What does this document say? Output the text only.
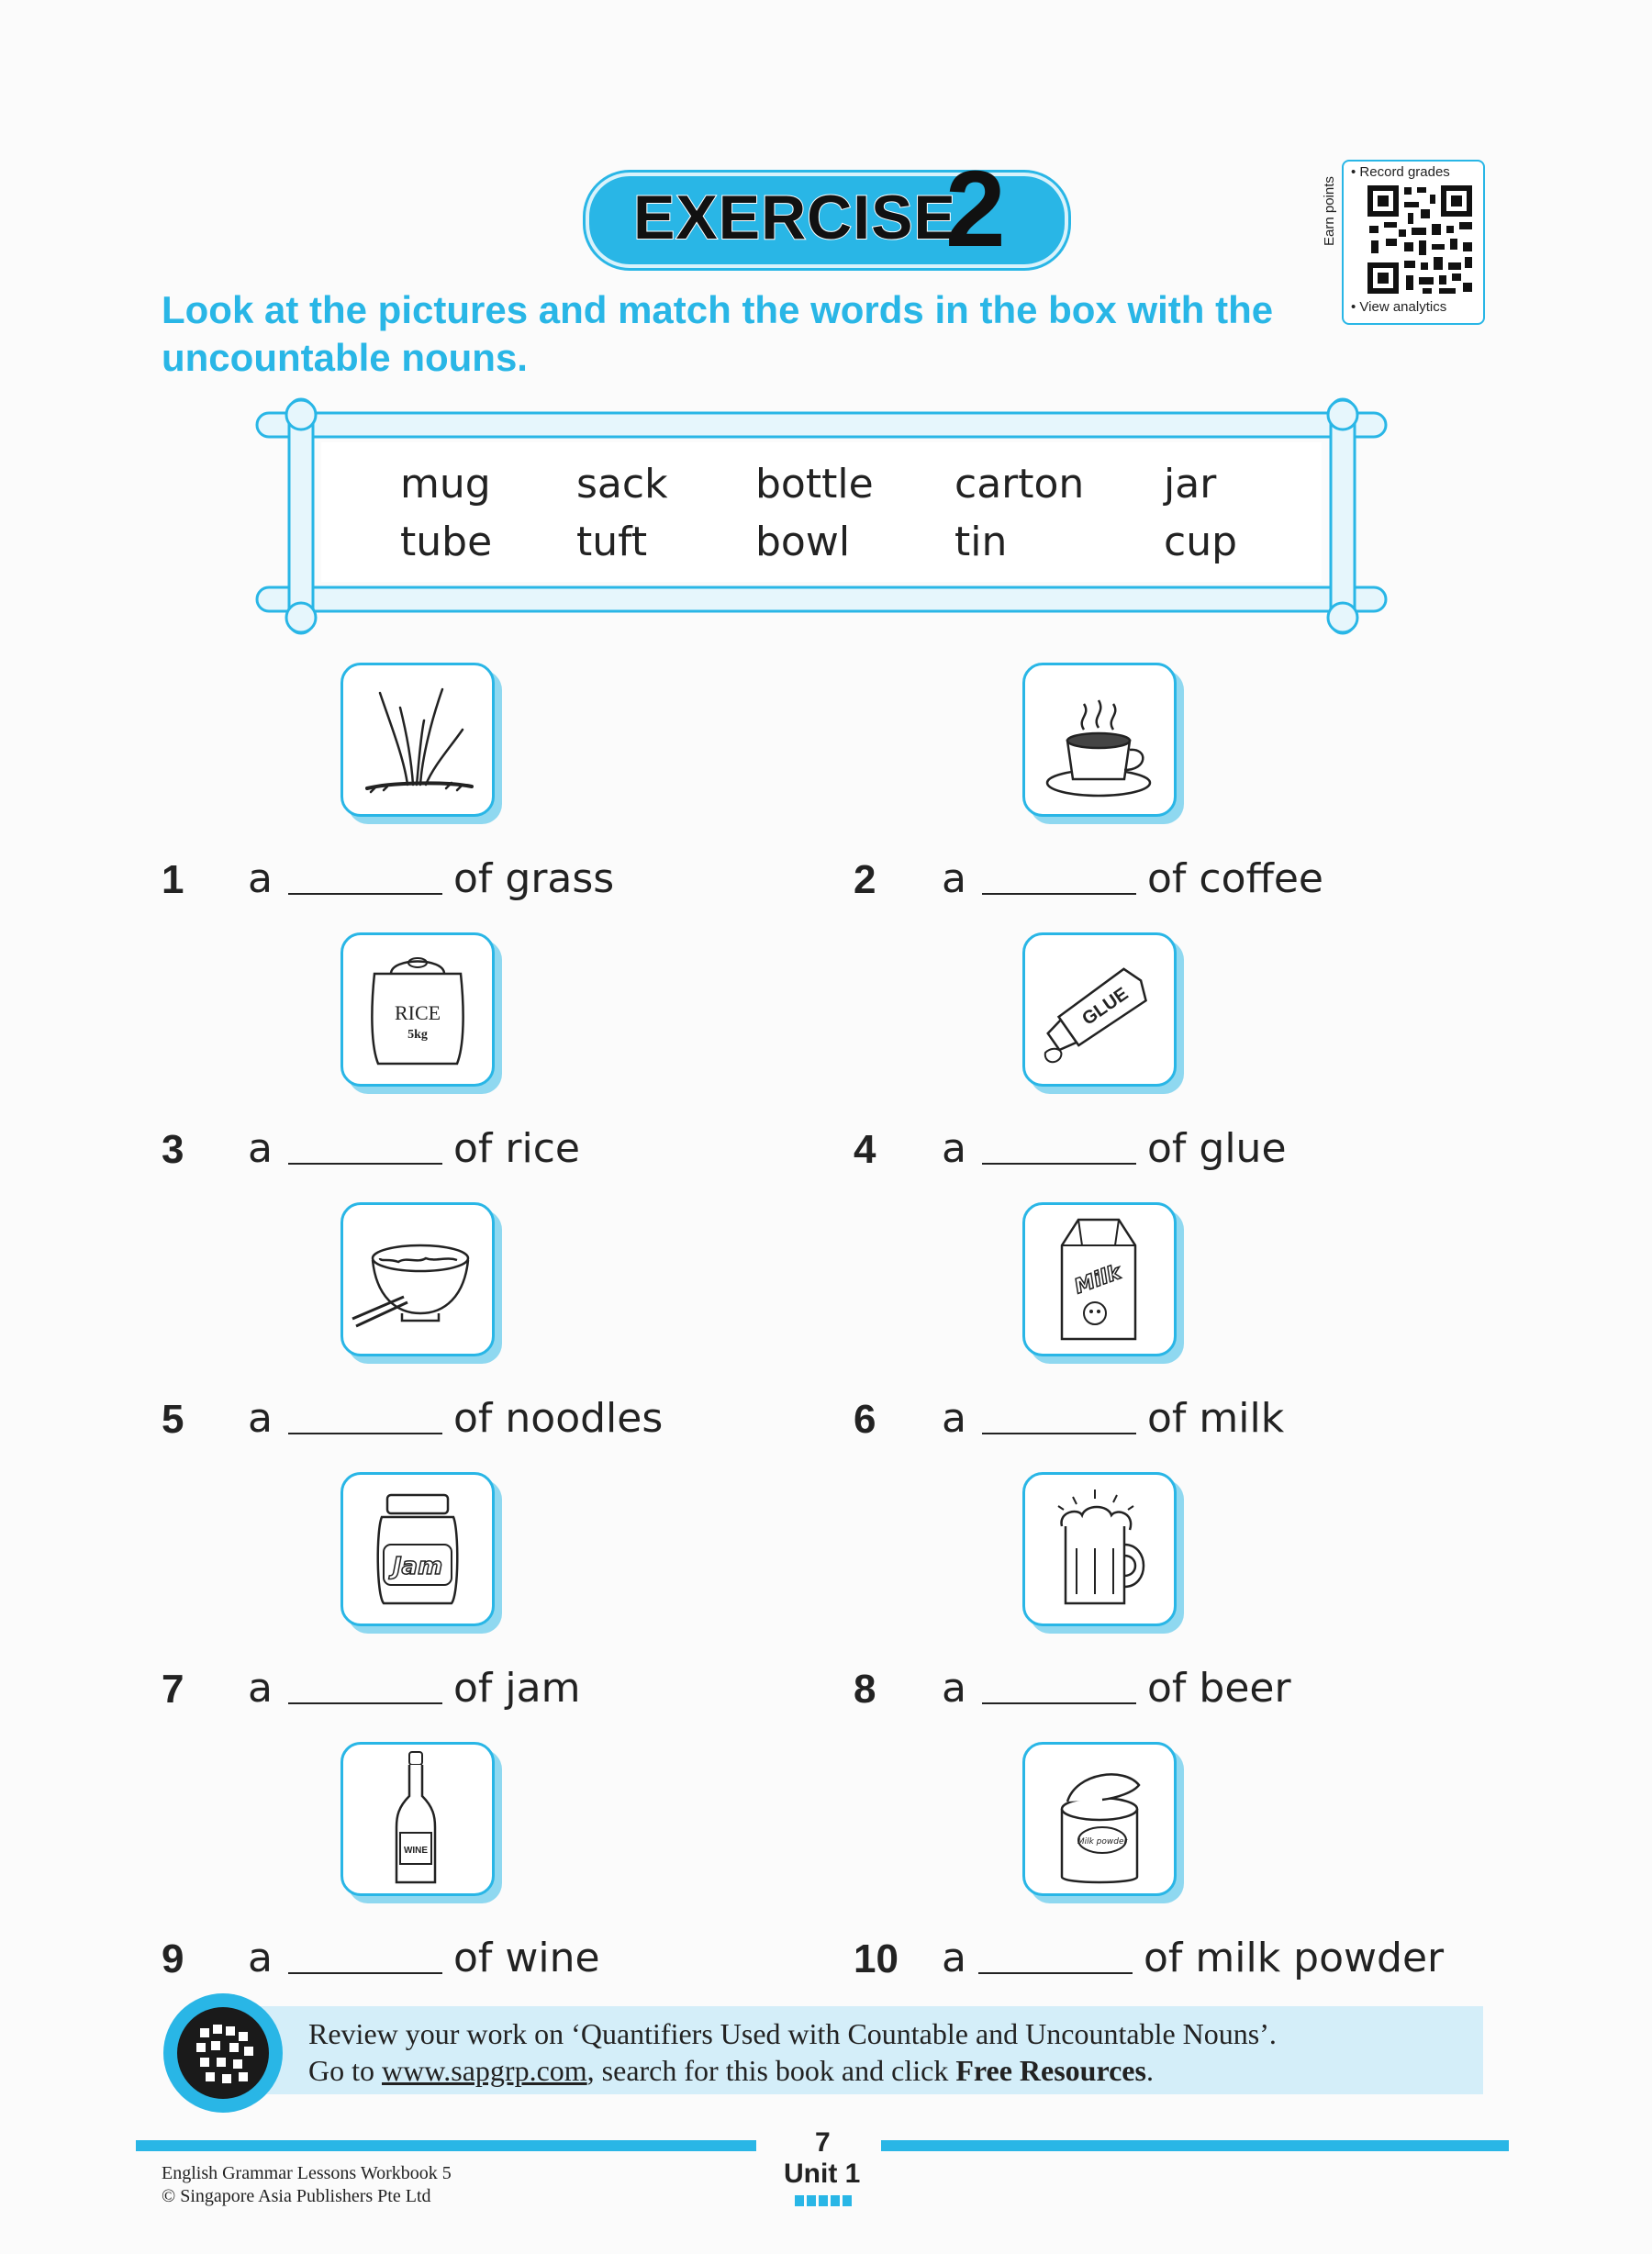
EXERCISE
2	• Record grades
Earn points
• View analytics
Look at the pictures and match the words in the box with the uncountable nouns.
mug sack bottle carton jar
tube tuft	bowl	tin	cup
RICE
5kg
GLUE
Milk
Jam
WINE
Milk powder
1 a	of grass
3 a	of rice
5 a	of noodles
7 a	of jam
9 a	of wine
2 a	of coffee
4 a	of glue
6 a	of milk
8 a	of beer
10 a	of milk powder
Review your work on ‘Quantifiers Used with Countable and Uncountable Nouns’.
Go to www.sapgrp.com, search for this book and click Free Resources.
7
Unit 1
English Grammar Lessons Workbook 5
© Singapore Asia Publishers Pte Ltd
